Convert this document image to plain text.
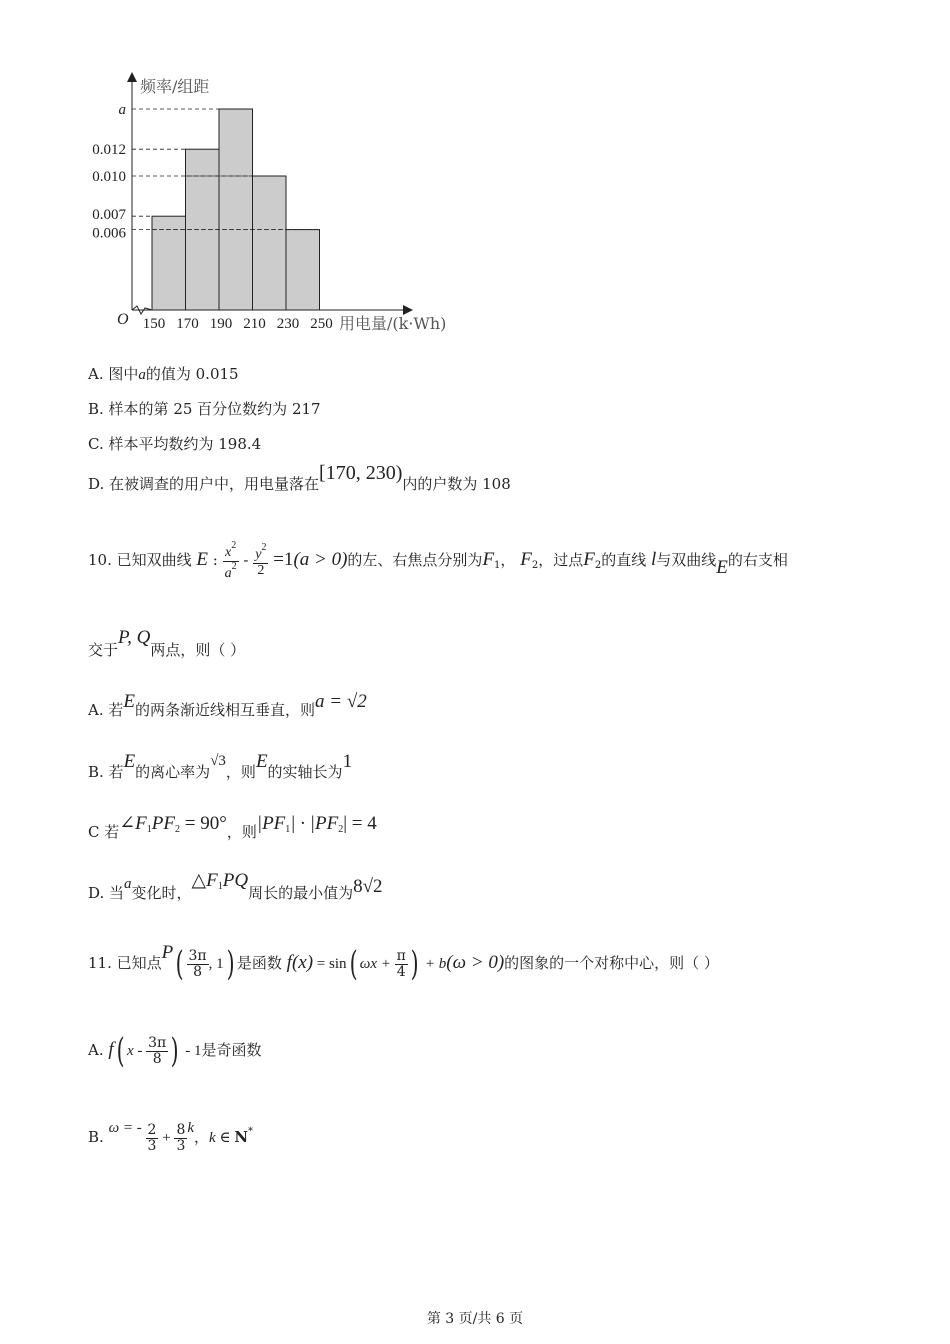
a
0.012
0.010
0.007
0.006
150 170 190 210 230 250
O	用电量/(k·Wh)
频率/组距
A. 图中a的值为 0.015
B. 样本的第 25 百分位数约为 217
C. 样本平均数约为 198.4
D. 在被调查的用户中，用电量落在[170, 230)内的户数为 108
10. 已知双曲线 E : $\frac{x^2}{a^2} - \frac{y^2}{2} =1(a > 0)$的左、右焦点分别为$F_1$， $F_2$，过点$F_2$的直线 l与双曲线E的右支相
交于P, Q两点，则（ ）
A. 若E的两条渐近线相互垂直，则a = √2
B. 若E的离心率为√3，则E的实轴长为1
C 若$\angle F_1PF_2 = 90^\circ$，则$|PF_1| \cdot |PF_2| = 4$
D. 当a变化时，$\triangle F_1PQ$周长的最小值为8√2
11. 已知点$P( \frac{3\pi}{8}$ , 1) 是函数 f(x) = sin( $\omega x + \frac{\pi}{4}$ ) + b(ω > 0)的图象的一个对称中心，则（ ）
A. f( x - $\frac{3\pi}{8}$ ) - 1是奇函数
B. ω = - $\frac{2}{3} + \frac{8}{3}$ k，k ∈ N*
第 3 页/共 6 页
